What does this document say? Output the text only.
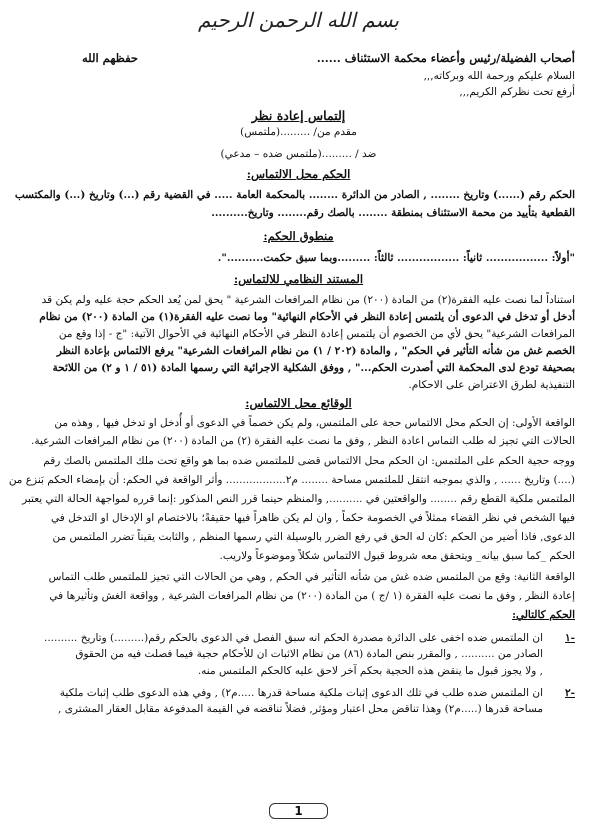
بسم الله الرحمن الرحيم
أصحاب الفضيلة/رئيس وأعضاء محكمة الاستئناف ......
حفظهم الله
السلام عليكم ورحمة الله وبركاته,,,
أرفع تحت نظركم الكريم,,,
إلتماس إعادة نظر
مقدم من/ .........(ملتمس)
ضد / .........(ملتمس ضده – مدعي)
الحكم محل الالتماس:
الحكم رقم (......) وتاريخ ........ , الصادر من الدائرة ........ بالمحكمة العامة ..... في القضية رقم (...) وتاريخ (...) والمكتسب
القطعية بتأييد من محمة الاستئناف بمنطقة ........ بالصك رقم........ وتاريخ..........
منطوق الحكم:
"أولاً: ................. ثانياً: ................. ثالثاً: .........وبما سبق حكمت..........".
المستند النظامي للالتماس:
استناداً لما نصت عليه الفقرة(٢) من المادة (٢٠٠) من نظام المرافعات الشرعية " يحق لمن يُعد الحكم حجة عليه ولم يكن قد
أدخل أو تدخل في الدعوى أن يلتمس إعادة النظر في الأحكام النهائية" وما نصت عليه الفقرة(١) من المادة (٢٠٠) من نظام
المرافعات الشرعية" يحق لأي من الخصوم أن يلتمس إعادة النظر في الأحكام النهائية في الأحوال الآتية: "ج - إذا وقع من
الخصم غش من شأنه التأثير في الحكم" , والمادة (٢٠٢ / ١) من نظام المرافعات الشرعية" يرفع الالتماس بإعادة النظر
بصحيفة تودع لدى المحكمة التي أصدرت الحكم..." , ووفق الشكلية الاجرائية التي رسمها المادة (٥١ / ١ و ٢) من اللائحة
التنفيذية لطرق الاعتراض على الاحكام.
الوقائع محل الالتماس:
الواقعة الأولى: إن الحكم محل الالتماس حجة على الملتمس، ولم يكن خصماً في الدعوى أو أُدخل او تدخل فيها , وهذه من
الحالات التي تجيز له طلب التماس اعادة النظر , وفق ما نصت عليه الفقرة (٢) من المادة (٢٠٠) من نظام المرافعات الشرعية.
ووجه حجية الحكم على الملتمس: ان الحكم محل الالتماس قضى للملتمس ضده بما هو واقع تحت ملك الملتمس بالصك رقم
(....) وتاريخ ...... , والذي بموجبه انتقل للملتمس مساحة ........ م٢.................. وأثر الواقعة في الحكم: أن بإمضاء الحكم بَنزع من
الملتمس ملكية القطع رقم ........ والواقعتين في .........., والمنظم حينما قرر النص المذكور :إنما قرره لمواجهة الحالة التي يعتبر
فيها الشخص في نظر القضاء ممثلاً في الخصومة حكماً , وان لم يكن ظاهراً فيها حقيقةً؛ بالاختصام او الإدخال او التدخل في
الدعوى, فاذا أضير من الحكم :كان له الحق في رفع الضرر بالوسيلة التي رسمها المنظم , والثابت يقيناً تضرر الملتمس من
الحكم _كما سبق بيانه_ ويتحقق معه شروط قبول الالتماس شكلاً وموضوعاً ولاريب.
الواقعة الثانية: وقع من الملتمس ضده غش من شأنه التأثير في الحكم , وهي من الحالات التي تجيز للملتمس طلب التماس
إعادة النظر , وفق ما نصت عليه الفقرة (١ /ج ) من المادة (٢٠٠) من نظام المرافعات الشرعية , وواقعة الغش وتأثيرها في
الحكم كالتالي:
-١
ان الملتمس ضده اخفى على الدائرة مصدرة الحكم انه سبق الفصل في الدعوى بالحكم رقم(.........) وتاريخ ..........
الصادر من .......... , والمقرر بنص المادة (٨٦) من نظام الاثبات ان للأحكام حجية فيما فصلت فيه من الحقوق
, ولا يجوز قبول ما ينقض هذه الحجية بحكم آخر لاحق عليه كالحكم الملتمس منه.
-٢
ان الملتمس ضده طلب في تلك الدعوى إثبات ملكية مساحة قدرها .....م٢) , وفي هذه الدعوى طلب إثبات ملكية
مساحة قدرها (.....م٢) وهذا تناقض محل اعتبار ومؤثر, فضلاً تناقضه في القيمة المدفوعة مقابل العقار المشترى ,
1
